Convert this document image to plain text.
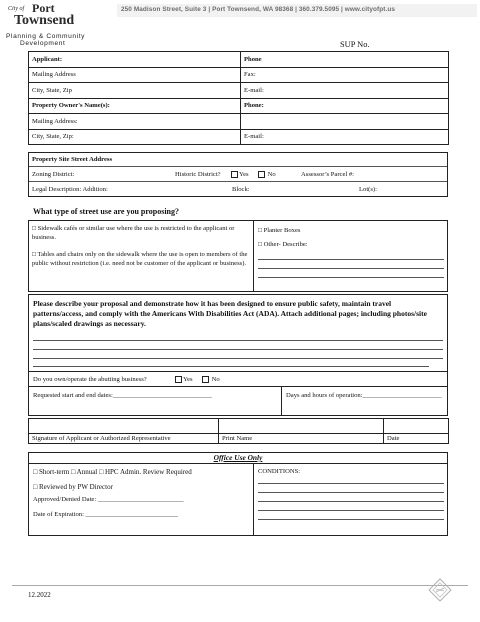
City of Port
Townsend
250 Madison Street, Suite 3 | Port Townsend, WA 98368 | 360.379.5095 | www.cityofpt.us
Planning & Community
Development	SUP No.
Applicant:	Phone
Mailing Address	Fax:
City, State, Zip	E-mail:
Property Owner's Name(s):	Phone:
Mailing Address:	
City, State, Zip:	E-mail:
Property Site Street Address
Zoning District:	Historic District?	Yes	No	Assessor’s Parcel #:
Legal Description: Addition:	Block:	Lot(s):
What type of street use are you proposing?
□ Sidewalk cafés or similar use where the use is restricted to the applicant or business.
□ Tables and chairs only on the sidewalk where the use is open to members of the public without restriction (i.e. need not be customer of the applicant or business).
□ Planter Boxes
□ Other- Describe:
Please describe your proposal and demonstrate how it has been designed to ensure public safety, maintain travel patterns/access, and comply with the Americans With Disabilities Act (ADA). Attach additional pages; including photos/site plans/scaled drawings as necessary.
Do you own/operate the abutting business?	Yes	No
Requested start and end dates:______________________________	Days and hours of operation:________________________

Signature of Applicant or Authorized Representative	Print Name	Date
Office Use Only
□ Short-term □ Annual □ HPC Admin. Review Required
□ Reviewed by PW Director
Approved/Denied Date: __________________________
Date of Expiration: ____________________________
CONDITIONS:
12.2022
